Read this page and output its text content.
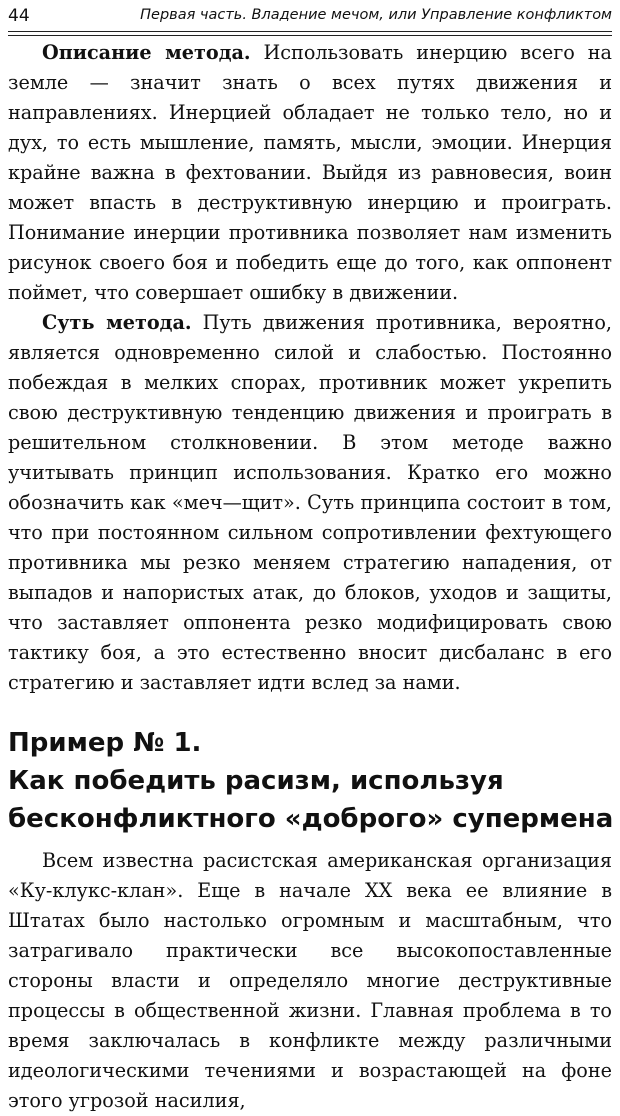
44	Первая часть. Владение мечом, или Управление конфликтом

Описание метода. Использовать инерцию всего на земле — значит знать о всех путях движения и направлениях. Инерцией обладает не только тело, но и дух, то есть мышление, память, мысли, эмоции. Инерция крайне важна в фехтовании. Выйдя из равновесия, воин может впасть в деструктивную инерцию и проиграть. Понимание инерции противника позволяет нам изменить рисунок своего боя и победить еще до того, как оппонент поймет, что совершает ошибку в движении.

Суть метода. Путь движения противника, вероятно, является одновременно силой и слабостью. Постоянно побеждая в мелких спорах, противник может укрепить свою деструктивную тенденцию движения и проиграть в решительном столкновении. В этом методе важно учитывать принцип использования. Кратко его можно обозначить как «меч—щит». Суть принципа состоит в том, что при постоянном сильном сопротивлении фехтующего противника мы резко меняем стратегию нападения, от выпадов и напористых атак, до блоков, уходов и защиты, что заставляет оппонента резко модифицировать свою тактику боя, а это естественно вносит дисбаланс в его стратегию и заставляет идти вслед за нами.

Пример № 1.
Как победить расизм, используя
бесконфликтного «доброго» супермена

Всем известна расистская американская организация «Ку-клукс-клан». Еще в начале XX века ее влияние в Штатах было настолько огромным и масштабным, что затрагивало практически все высокопоставленные стороны власти и определяло многие деструктивные процессы в общественной жизни. Главная проблема в то время заключалась в конфликте между различными идеологическими течениями и возрастающей на фоне этого угрозой насилия,
